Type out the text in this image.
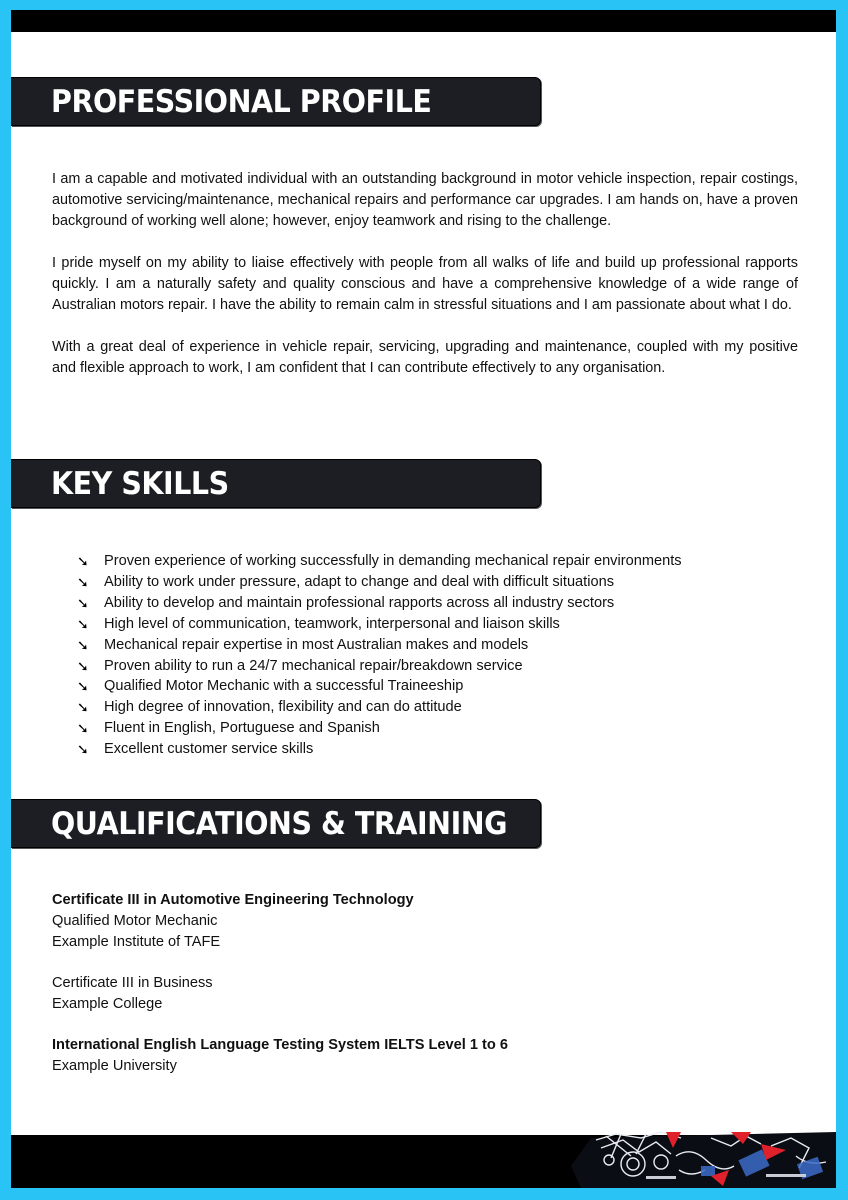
PROFESSIONAL PROFILE

I am a capable and motivated individual with an outstanding background in motor vehicle inspection, repair costings, automotive servicing/maintenance, mechanical repairs and performance car upgrades. I am hands on, have a proven background of working well alone; however, enjoy teamwork and rising to the challenge.

I pride myself on my ability to liaise effectively with people from all walks of life and build up professional rapports quickly. I am a naturally safety and quality conscious and have a comprehensive knowledge of a wide range of Australian motors repair. I have the ability to remain calm in stressful situations and I am passionate about what I do.

With a great deal of experience in vehicle repair, servicing, upgrading and maintenance, coupled with my positive and flexible approach to work, I am confident that I can contribute effectively to any organisation.

KEY SKILLS
➘	Proven experience of working successfully in demanding mechanical repair environments
➘	Ability to work under pressure, adapt to change and deal with difficult situations
➘	Ability to develop and maintain professional rapports across all industry sectors
➘	High level of communication, teamwork, interpersonal and liaison skills
➘	Mechanical repair expertise in most Australian makes and models
➘	Proven ability to run a 24/7 mechanical repair/breakdown service
➘	Qualified Motor Mechanic with a successful Traineeship
➘	High degree of innovation, flexibility and can do attitude
➘	Fluent in English, Portuguese and Spanish
➘	Excellent customer service skills
QUALIFICATIONS & TRAINING
Certificate III in Automotive Engineering Technology
Qualified Motor Mechanic
Example Institute of TAFE
Certificate III in Business
Example College
International English Language Testing System IELTS Level 1 to 6
Example University
